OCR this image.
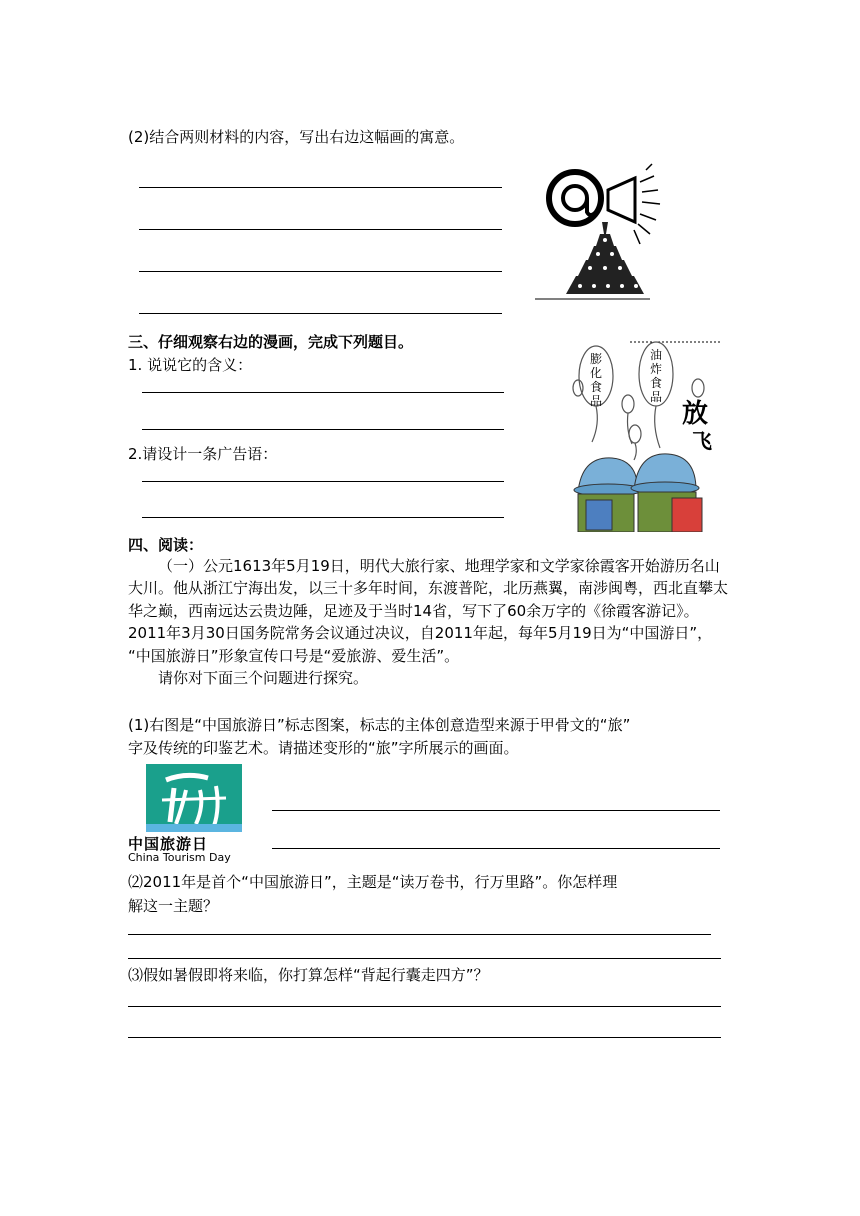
(2)结合两则材料的内容，写出右边这幅画的寓意。
三、仔细观察右边的漫画，完成下列题目。
1. 说说它的含义：
2.请设计一条广告语：
膨化食品
油炸食品
放
飞
四、阅读：

（一）公元1613年5月19日，明代大旅行家、地理学家和文学家徐霞客开始游历名山大川。他从浙江宁海出发，以三十多年时间，东渡普陀，北历燕翼，南涉闽粤，西北直攀太华之巅，西南远达云贵边陲，足迹及于当时14省，写下了60余万字的《徐霞客游记》。2011年3月30日国务院常务会议通过决议，自2011年起，每年5月19日为“中国游日”， “中国旅游日”形象宣传口号是“爱旅游、爱生活”。

请你对下面三个问题进行探究。

(1)右图是“中国旅游日”标志图案，标志的主体创意造型来源于甲骨文的“旅”
字及传统的印鉴艺术。请描述变形的“旅”字所展示的画面。
中国旅游日
China Tourism Day
⑵2011年是首个“中国旅游日”，主题是“读万卷书，行万里路”。你怎样理
解这一主题？
⑶假如暑假即将来临，你打算怎样“背起行囊走四方”？
